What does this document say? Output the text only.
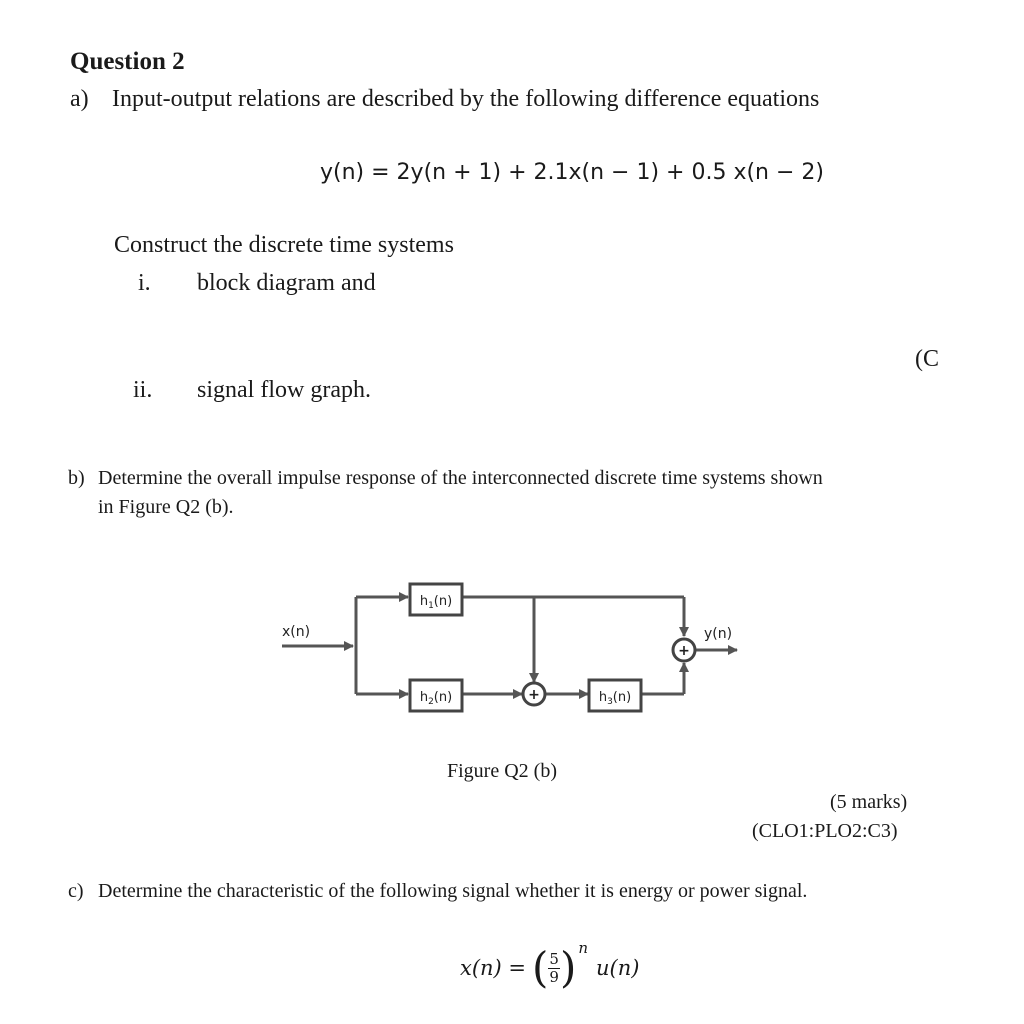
Question 2
a) Input-output relations are described by the following difference equations
y(n) = 2y(n + 1) + 2.1x(n − 1) + 0.5 x(n − 2)
Construct the discrete time systems
i. block diagram and
(C
ii. signal flow graph.
b) Determine the overall impulse response of the interconnected discrete time systems shown
in Figure Q2 (b).
+
+
$h_1(n)$
$h_2(n)$	$h_3(n)$
x(n)	y(n)
Figure Q2 (b)
(5 marks)
(CLO1:PLO2:C3)
c) Determine the characteristic of the following signal whether it is energy or power signal.
x(n) = ( $\frac{5}{9}$ ) n
u(n)
